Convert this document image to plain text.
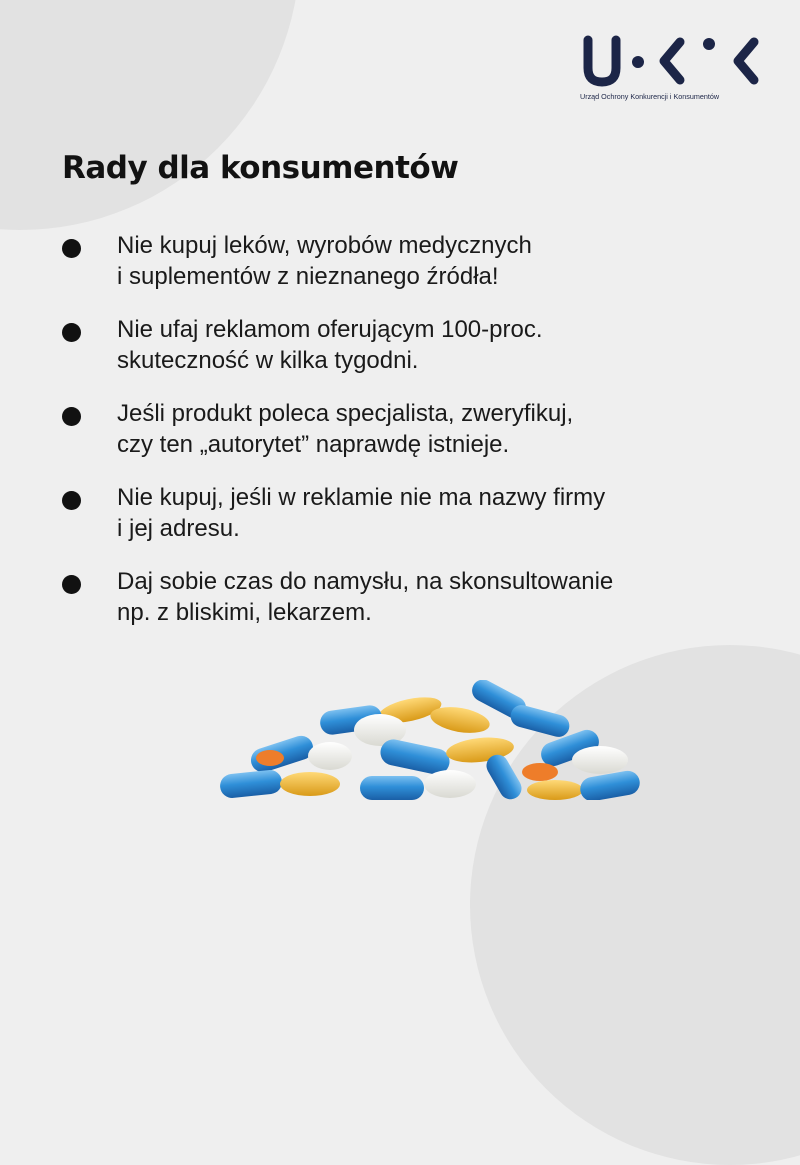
Urząd Ochrony Konkurencji i Konsumentów
Rady dla konsumentów
Nie kupuj leków, wyrobów medycznych
i suplementów z nieznanego źródła!
Nie ufaj reklamom oferującym 100-proc.
skuteczność w kilka tygodni.
Jeśli produkt poleca specjalista, zweryfikuj,
czy ten „autorytet” naprawdę istnieje.
Nie kupuj, jeśli w reklamie nie ma nazwy firmy
i jej adresu.
Daj sobie czas do namysłu, na skonsultowanie
np. z bliskimi, lekarzem.
